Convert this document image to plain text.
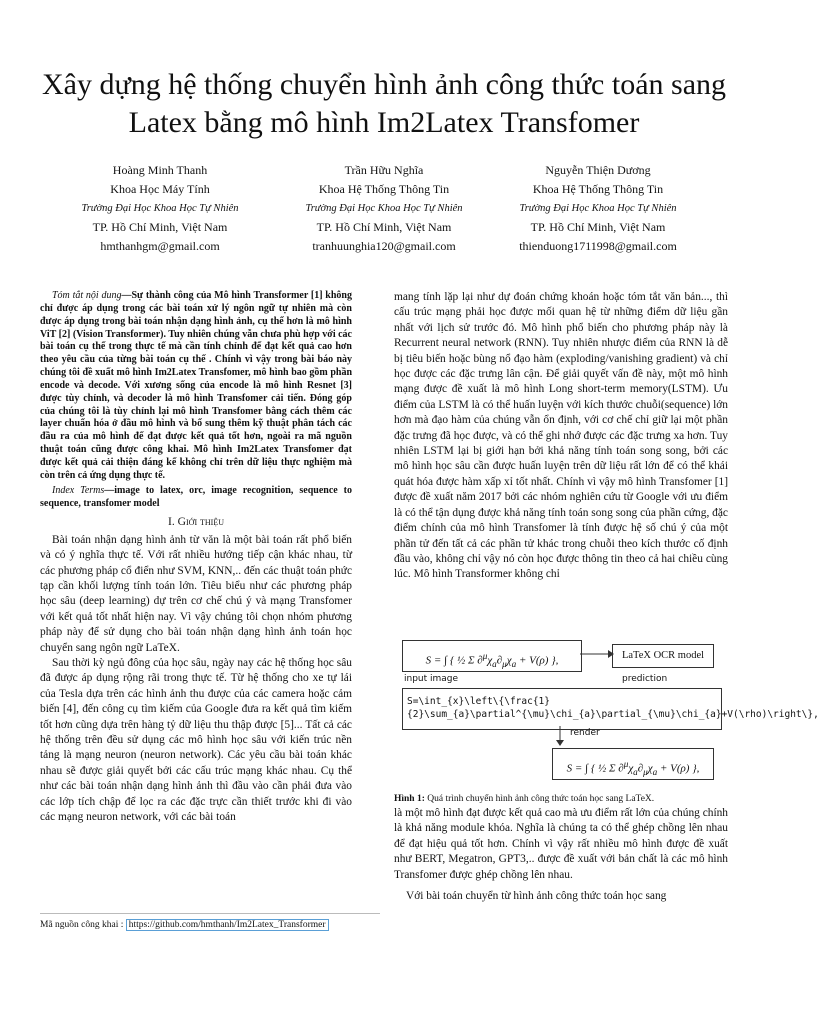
Xây dựng hệ thống chuyển hình ảnh công thức toán sang Latex bằng mô hình Im2Latex Transfomer
Hoàng Minh Thanh
Khoa Học Máy Tính
Trường Đại Học Khoa Học Tự Nhiên
TP. Hồ Chí Minh, Việt Nam
hmthanhgm@gmail.com
Trần Hữu Nghĩa
Khoa Hệ Thống Thông Tin
Trường Đại Học Khoa Học Tự Nhiên
TP. Hồ Chí Minh, Việt Nam
tranhuunghia120@gmail.com
Nguyễn Thiện Dương
Khoa Hệ Thống Thông Tin
Trường Đại Học Khoa Học Tự Nhiên
TP. Hồ Chí Minh, Việt Nam
thienduong1711998@gmail.com

Tóm tắt nội dung—Sự thành công của Mô hình Transformer [1] không chỉ được áp dụng trong các bài toán xử lý ngôn ngữ tự nhiên mà còn được áp dụng trong bài toán nhận dạng hình ảnh, cụ thể hơn là mô hình ViT [2] (Vision Transformer). Tuy nhiên chúng vẫn chưa phù hợp với các bài toán cụ thể trong thực tế mà cần tính chỉnh để đạt kết quả cao hơn theo yêu cầu của từng bài toán cụ thể . Chính vì vậy trong bài báo này chúng tôi đề xuất mô hình Im2Latex Transfomer, mô hình bao gồm phần encode và decode. Với xương sống của encode là mô hình Resnet [3] được tùy chỉnh, và decoder là mô hình Transfomer cải tiến. Đóng góp của chúng tôi là tùy chỉnh lại mô hình Transfomer bằng cách thêm các layer chuẩn hóa ở đầu mô hình và bổ sung thêm kỹ thuật phân tách các đầu ra của mô hình để đạt được kết quả tốt hơn, ngoài ra mã nguồn thuật toán cũng được công khai. Mô hình Im2Latex Transfomer đạt được kết quả cải thiện đáng kể không chỉ trên dữ liệu thực nghiệm mà còn trên cả ứng dụng thực tế.

Index Terms—image to latex, orc, image recognition, sequence to sequence, transfomer model

I. Giới thiệu

Bài toán nhận dạng hình ảnh từ văn là một bài toán rất phổ biến và có ý nghĩa thực tế. Với rất nhiều hướng tiếp cận khác nhau, từ các phương pháp cổ điển như SVM, KNN,.. đến các thuật toán phức tạp cần khối lượng tính toán lớn. Tiêu biểu như các phương pháp học sâu (deep learning) dự trên cơ chế chú ý và mạng Transfomer với kết quả tốt nhất hiện nay. Vì vậy chúng tôi chọn nhóm phương pháp này để sử dụng cho bài toán nhận dạng hình ảnh toán học chuyển sang ngôn ngữ LaTeX.

Sau thời kỳ ngủ đông của học sâu, ngày nay các hệ thống học sâu đã được áp dụng rộng rãi trong thực tế. Từ hệ thống cho xe tự lái của Tesla dựa trên các hình ảnh thu được của các camera hoặc cảm biến [4], đến công cụ tìm kiếm của Google đưa ra kết quả tìm kiếm tốt hơn cũng dựa trên hàng tỷ dữ liệu thu thập được [5]... Tất cả các hệ thống trên đều sử dụng các mô hình học sâu với kiến trúc nền tảng là mạng neuron (neuron network). Các yêu cầu bài toán khác nhau sẽ được giải quyết bởi các cấu trúc mạng khác nhau. Cụ thể như các bài toán nhận dạng hình ảnh thì đầu vào cần phải đưa vào các lớp tích chập để lọc ra các đặc trực cần thiết trước khi đi vào các mạng neuron network, với các bài toán

Mã nguồn công khai : https://github.com/hmthanh/Im2Latex_Transformer

mang tính lặp lại như dự đoán chứng khoán hoặc tóm tắt văn bản..., thì cấu trúc mạng phải học được mối quan hệ từ những điểm dữ liệu gần nhất với lịch sử trước đó. Mô hình phổ biến cho phương pháp này là Recurrent neural network (RNN). Tuy nhiên nhược điểm của RNN là dễ bị tiêu biến hoặc bùng nổ đạo hàm (exploding/vanishing gradient) và chỉ học được các đặc trưng lân cận. Để giải quyết vấn đề này, một mô hình mạng được đề xuất là mô hình Long short-term memory(LSTM). Ưu điểm của LSTM là có thể huấn luyện với kích thước chuỗi(sequence) lớn hơn mà đạo hàm của chúng vẫn ổn định, với cơ chế chỉ giữ lại một phần đặc trưng đã học được, và có thể ghi nhớ được các đặc trưng xa hơn. Tuy nhiên LSTM lại bị giới hạn bởi khả năng tính toán song song, bởi các mô hình học sâu cần được huấn luyện trên dữ liệu rất lớn để có thể khái quát hóa được hàm xấp xỉ tốt nhất. Chính vì vậy mô hình Transfomer [1] được đề xuất năm 2017 bởi các nhóm nghiên cứu từ Google với ưu điểm là có thể tận dụng được khả năng tính toán song song của phần cứng, đặc điểm chính của mô hình Transfomer là tính được hệ số chú ý của một phần tử đến tất cả các phần tử khác trong chuỗi theo kích thước cố định đầu vào, không chỉ vậy nó còn học được thông tin theo cả hai chiều cùng lúc. Mô hình Transformer không chỉ

S = ∫ { ½ Σ $\partial^\mu\chi_a\partial_\mu\chi_a + V(\rho)$ },	LaTeX OCR model
input image	prediction
S=\int_{x}\left\{\frac{1}{2}\sum_{a}\partial^{\mu}\chi_{a}\partial_{\mu}\chi_{a}+V(\rho)\right\},
render
S = ∫ { ½ Σ $\partial^\mu\chi_a\partial_\mu\chi_a + V(\rho)$ },
Hình 1: Quá trình chuyển hình ảnh công thức toán học sang LaTeX.

là một mô hình đạt được kết quả cao mà ưu điểm rất lớn của chúng chính là khả năng module khóa. Nghĩa là chúng ta có thể ghép chồng lên nhau để đạt hiệu quả tốt hơn. Chính vì vậy rất nhiều mô hình được đề xuất như BERT, Megatron, GPT3,.. được đề xuất với bản chất là các mô hình Transfomer được ghép chồng lên nhau.

Với bài toán chuyển từ hình ảnh công thức toán học sang
